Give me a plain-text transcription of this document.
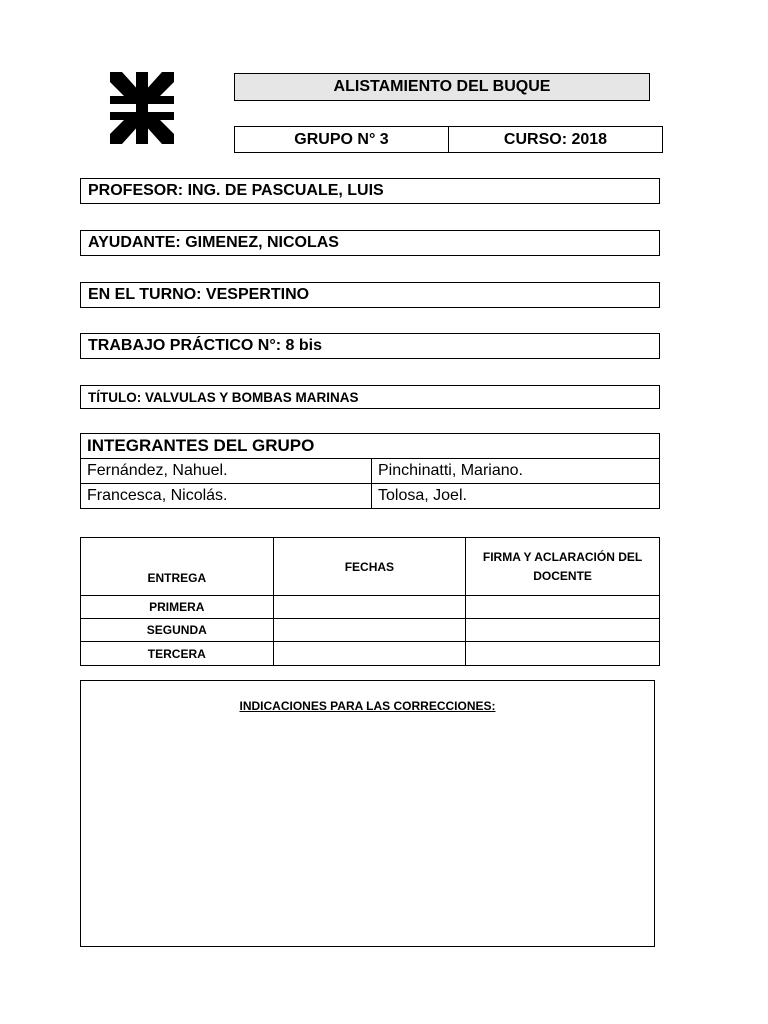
ALISTAMIENTO DEL BUQUE
GRUPO N° 3	CURSO: 2018
PROFESOR: ING. DE PASCUALE, LUIS
AYUDANTE: GIMENEZ, NICOLAS
EN EL TURNO: VESPERTINO
TRABAJO PRÁCTICO N°: 8 bis
TÍTULO: VALVULAS Y BOMBAS MARINAS
INTEGRANTES DEL GRUPO	
Fernández, Nahuel.	Pinchinatti, Mariano.
Francesca, Nicolás.	Tolosa, Joel.
ENTREGA	FECHAS	FIRMA Y ACLARACIÓN DEL DOCENTE
PRIMERA		
SEGUNDA		
TERCERA		
INDICACIONES PARA LAS CORRECCIONES:
